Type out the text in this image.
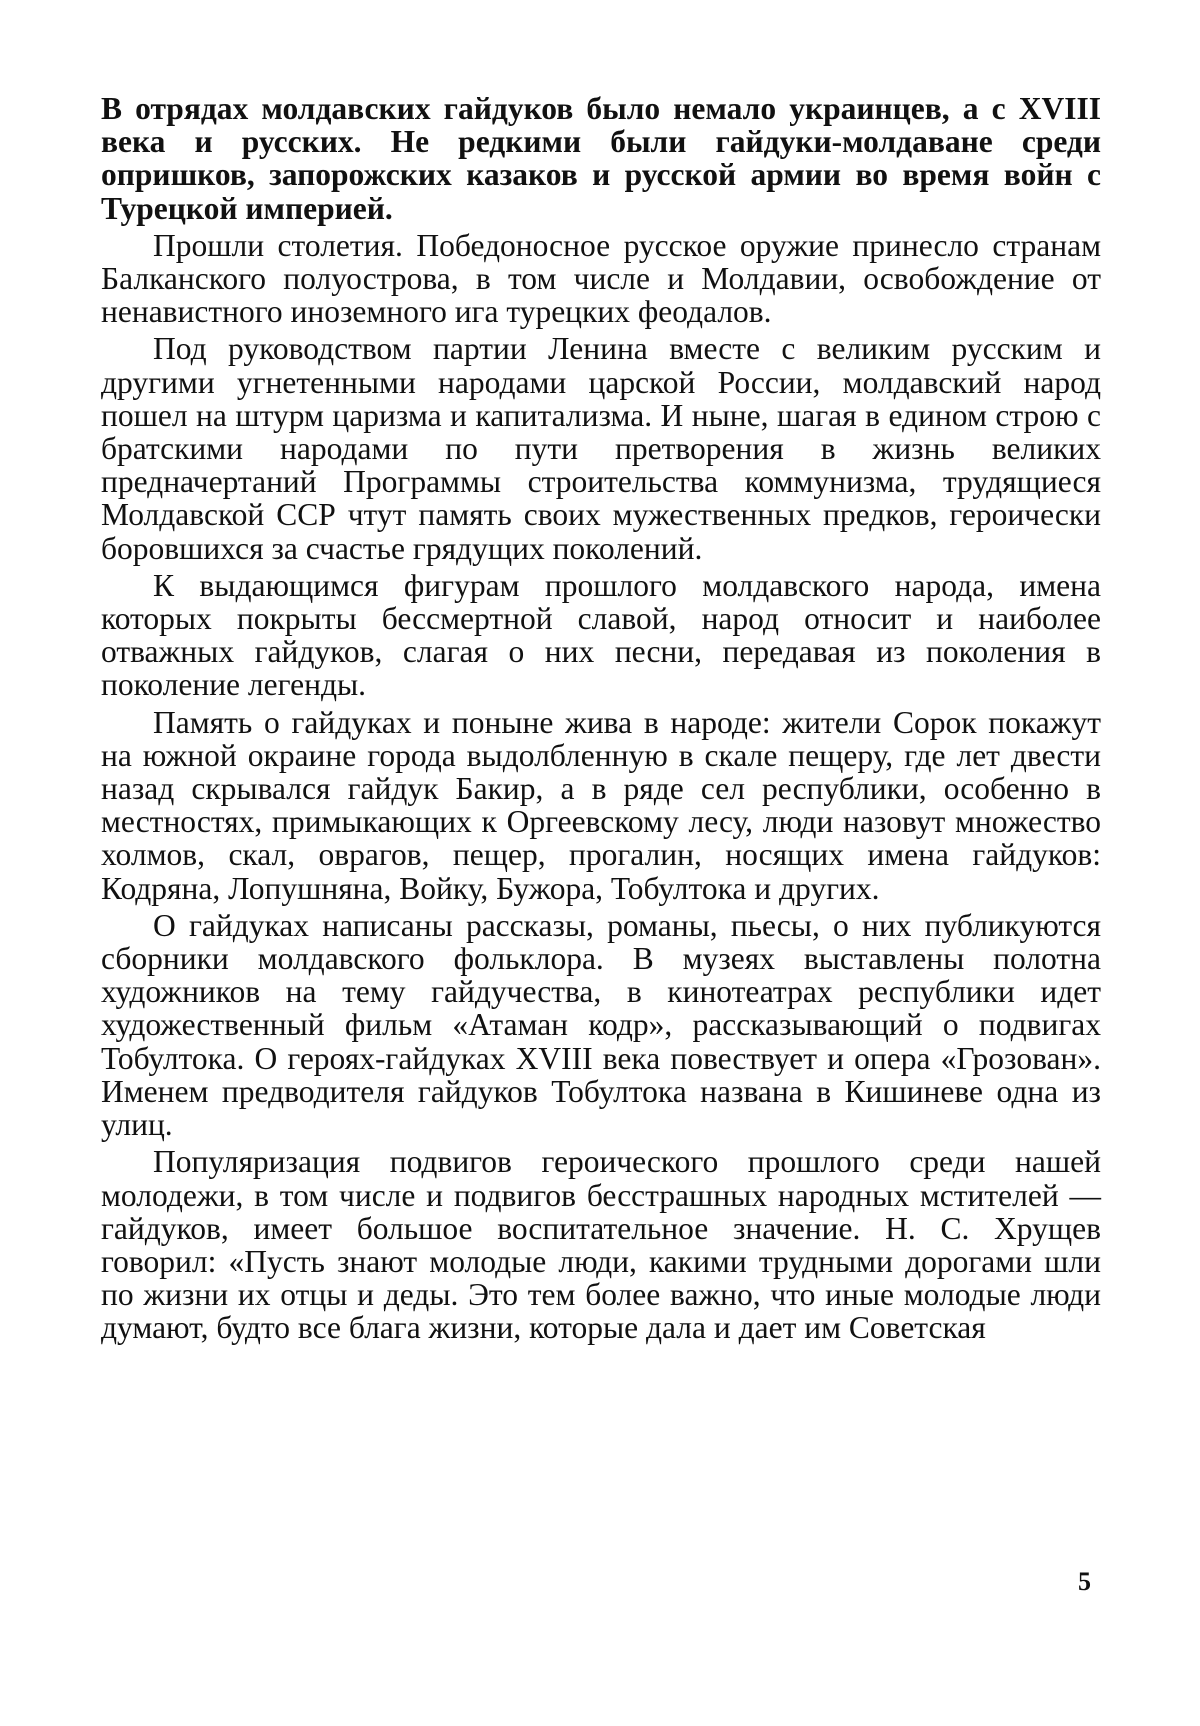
В отрядах молдавских гайдуков было немало украинцев, а с XVIII века и русских. Не редкими были гайдуки-молдаване среди опришков, запорожских казаков и русской армии во время войн с Турецкой империей.

Прошли столетия. Победоносное русское оружие принесло странам Балканского полуострова, в том числе и Молдавии, освобождение от ненавистного иноземного ига турецких феодалов.

Под руководством партии Ленина вместе с великим русским и другими угнетенными народами царской России, молдавский народ пошел на штурм царизма и капитализма. И ныне, шагая в едином строю с братскими народами по пути претворения в жизнь великих предначертаний Программы строительства коммунизма, трудящиеся Молдавской ССР чтут память своих мужественных предков, героически боровшихся за счастье грядущих поколений.

К выдающимся фигурам прошлого молдавского народа, имена которых покрыты бессмертной славой, народ относит и наиболее отважных гайдуков, слагая о них песни, передавая из поколения в поколение легенды.

Память о гайдуках и поныне жива в народе: жители Сорок покажут на южной окраине города выдолбленную в скале пещеру, где лет двести назад скрывался гайдук Бакир, а в ряде сел республики, особенно в местностях, примыкающих к Оргеевскому лесу, люди назовут множество холмов, скал, оврагов, пещер, прогалин, носящих имена гайдуков: Кодряна, Лопушняна, Войку, Бужора, Тобултока и других.

О гайдуках написаны рассказы, романы, пьесы, о них публикуются сборники молдавского фольклора. В музеях выставлены полотна художников на тему гайдучества, в кинотеатрах республики идет художественный фильм «Атаман кодр», рассказывающий о подвигах Тобултока. О героях-гайдуках XVIII века повествует и опера «Грозован». Именем предводителя гайдуков Тобултока названа в Кишиневе одна из улиц.

Популяризация подвигов героического прошлого среди нашей молодежи, в том числе и подвигов бесстрашных народных мстителей — гайдуков, имеет большое воспитательное значение. Н. С. Хрущев говорил: «Пусть знают молодые люди, какими трудными дорогами шли по жизни их отцы и деды. Это тем более важно, что иные молодые люди думают, будто все блага жизни, которые дала и дает им Советская

5
